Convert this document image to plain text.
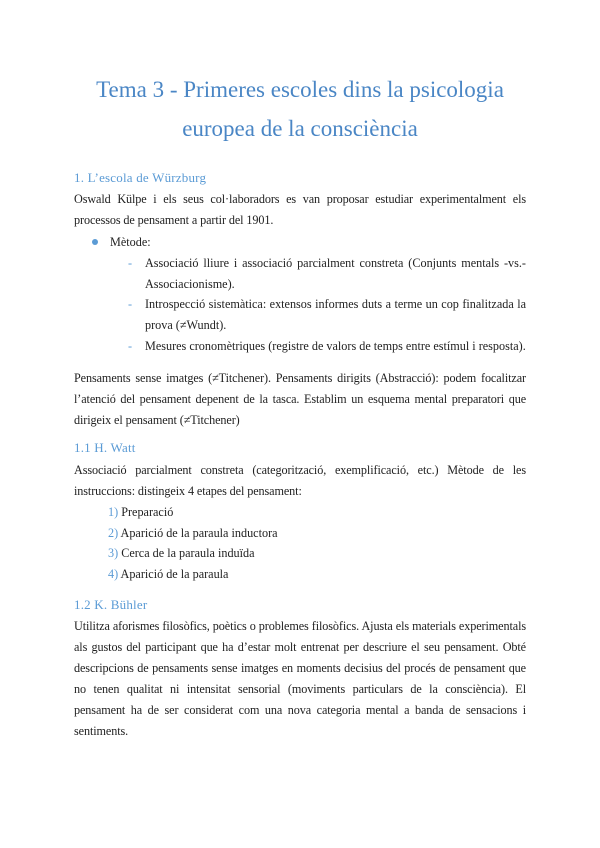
Tema 3 - Primeres escoles dins la psicologia
europea de la consciència
1. L’escola de Würzburg

Oswald Külpe i els seus col·laboradors es van proposar estudiar experimentalment els processos de pensament a partir del 1901.

Mètode:
- Associació lliure i associació parcialment constreta (Conjunts mentals -vs.- Associacionisme).
- Introspecció sistemàtica: extensos informes duts a terme un cop finalitzada la prova (≠Wundt).
- Mesures cronomètriques (registre de valors de temps entre estímul i resposta).

Pensaments sense imatges (≠Titchener). Pensaments dirigits (Abstracció): podem focalitzar l’atenció del pensament depenent de la tasca. Establim un esquema mental preparatori que dirigeix el pensament (≠Titchener)

1.1 H. Watt

Associació parcialment constreta (categorització, exemplificació, etc.) Mètode de les instruccions: distingeix 4 etapes del pensament:

1) Preparació
2) Aparició de la paraula inductora
3) Cerca de la paraula induïda
4) Aparició de la paraula
1.2 K. Bühler

Utilitza aforismes filosòfics, poètics o problemes filosòfics. Ajusta els materials experimentals als gustos del participant que ha d’estar molt entrenat per descriure el seu pensament. Obté descripcions de pensaments sense imatges en moments decisius del procés de pensament que no tenen qualitat ni intensitat sensorial (moviments particulars de la consciència). El pensament ha de ser considerat com una nova categoria mental a banda de sensacions i sentiments.
